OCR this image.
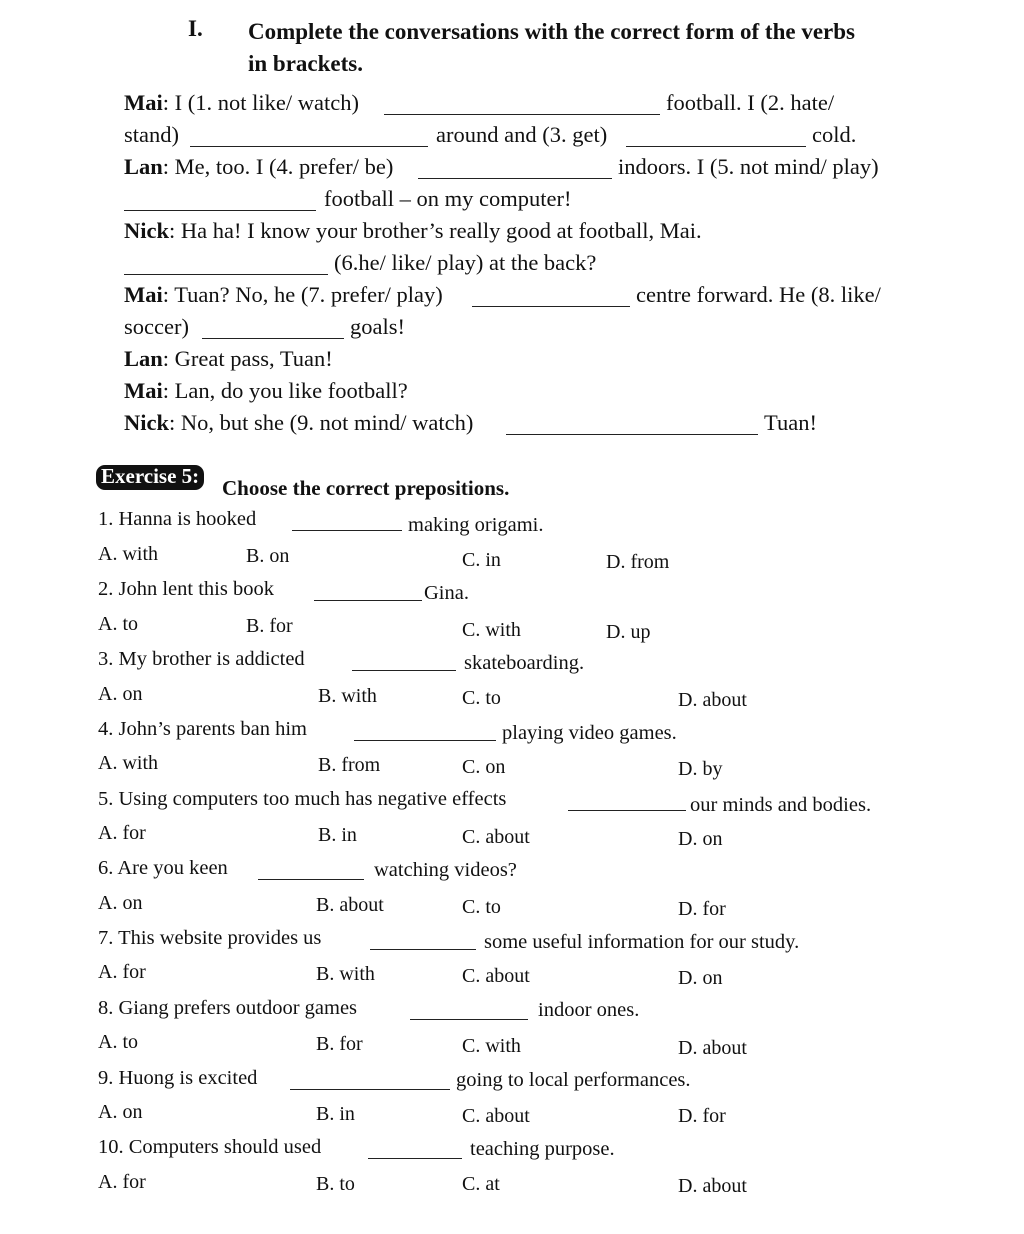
I. Complete the conversations with the correct form of the verbs
in brackets.
Mai: I (1. not like/ watch)	football. I (2. hate/
stand)	around and (3. get)	cold.
Lan: Me, too. I (4. prefer/ be)	indoors. I (5. not mind/ play)
football – on my computer!
Nick: Ha ha! I know your brother’s really good at football, Mai.
(6.he/ like/ play) at the back?
Mai: Tuan? No, he (7. prefer/ play)	centre forward. He (8. like/
soccer)	goals!
Lan: Great pass, Tuan!
Mai: Lan, do you like football?
Nick: No, but she (9. not mind/ watch)	Tuan!
Exercise 5: Choose the correct prepositions.
1. Hanna is hooked	making origami.
A. with	B. on	C. in	D. from
2. John lent this book	Gina.
A. to	B. for	C. with	D. up
3. My brother is addicted	skateboarding.
A. on	B. with	C. to	D. about
4. John’s parents ban him	playing video games.
A. with	B. from	C. on	D. by
5. Using computers too much has negative effects	our minds and bodies.
A. for	B. in	C. about	D. on
6. Are you keen	watching videos?
A. on	B. about	C. to	D. for
7. This website provides us	some useful information for our study.
A. for	B. with	C. about	D. on
8. Giang prefers outdoor games	indoor ones.
A. to	B. for	C. with	D. about
9. Huong is excited	going to local performances.
A. on	B. in	C. about	D. for
10. Computers should used	teaching purpose.
A. for	B. to	C. at	D. about
